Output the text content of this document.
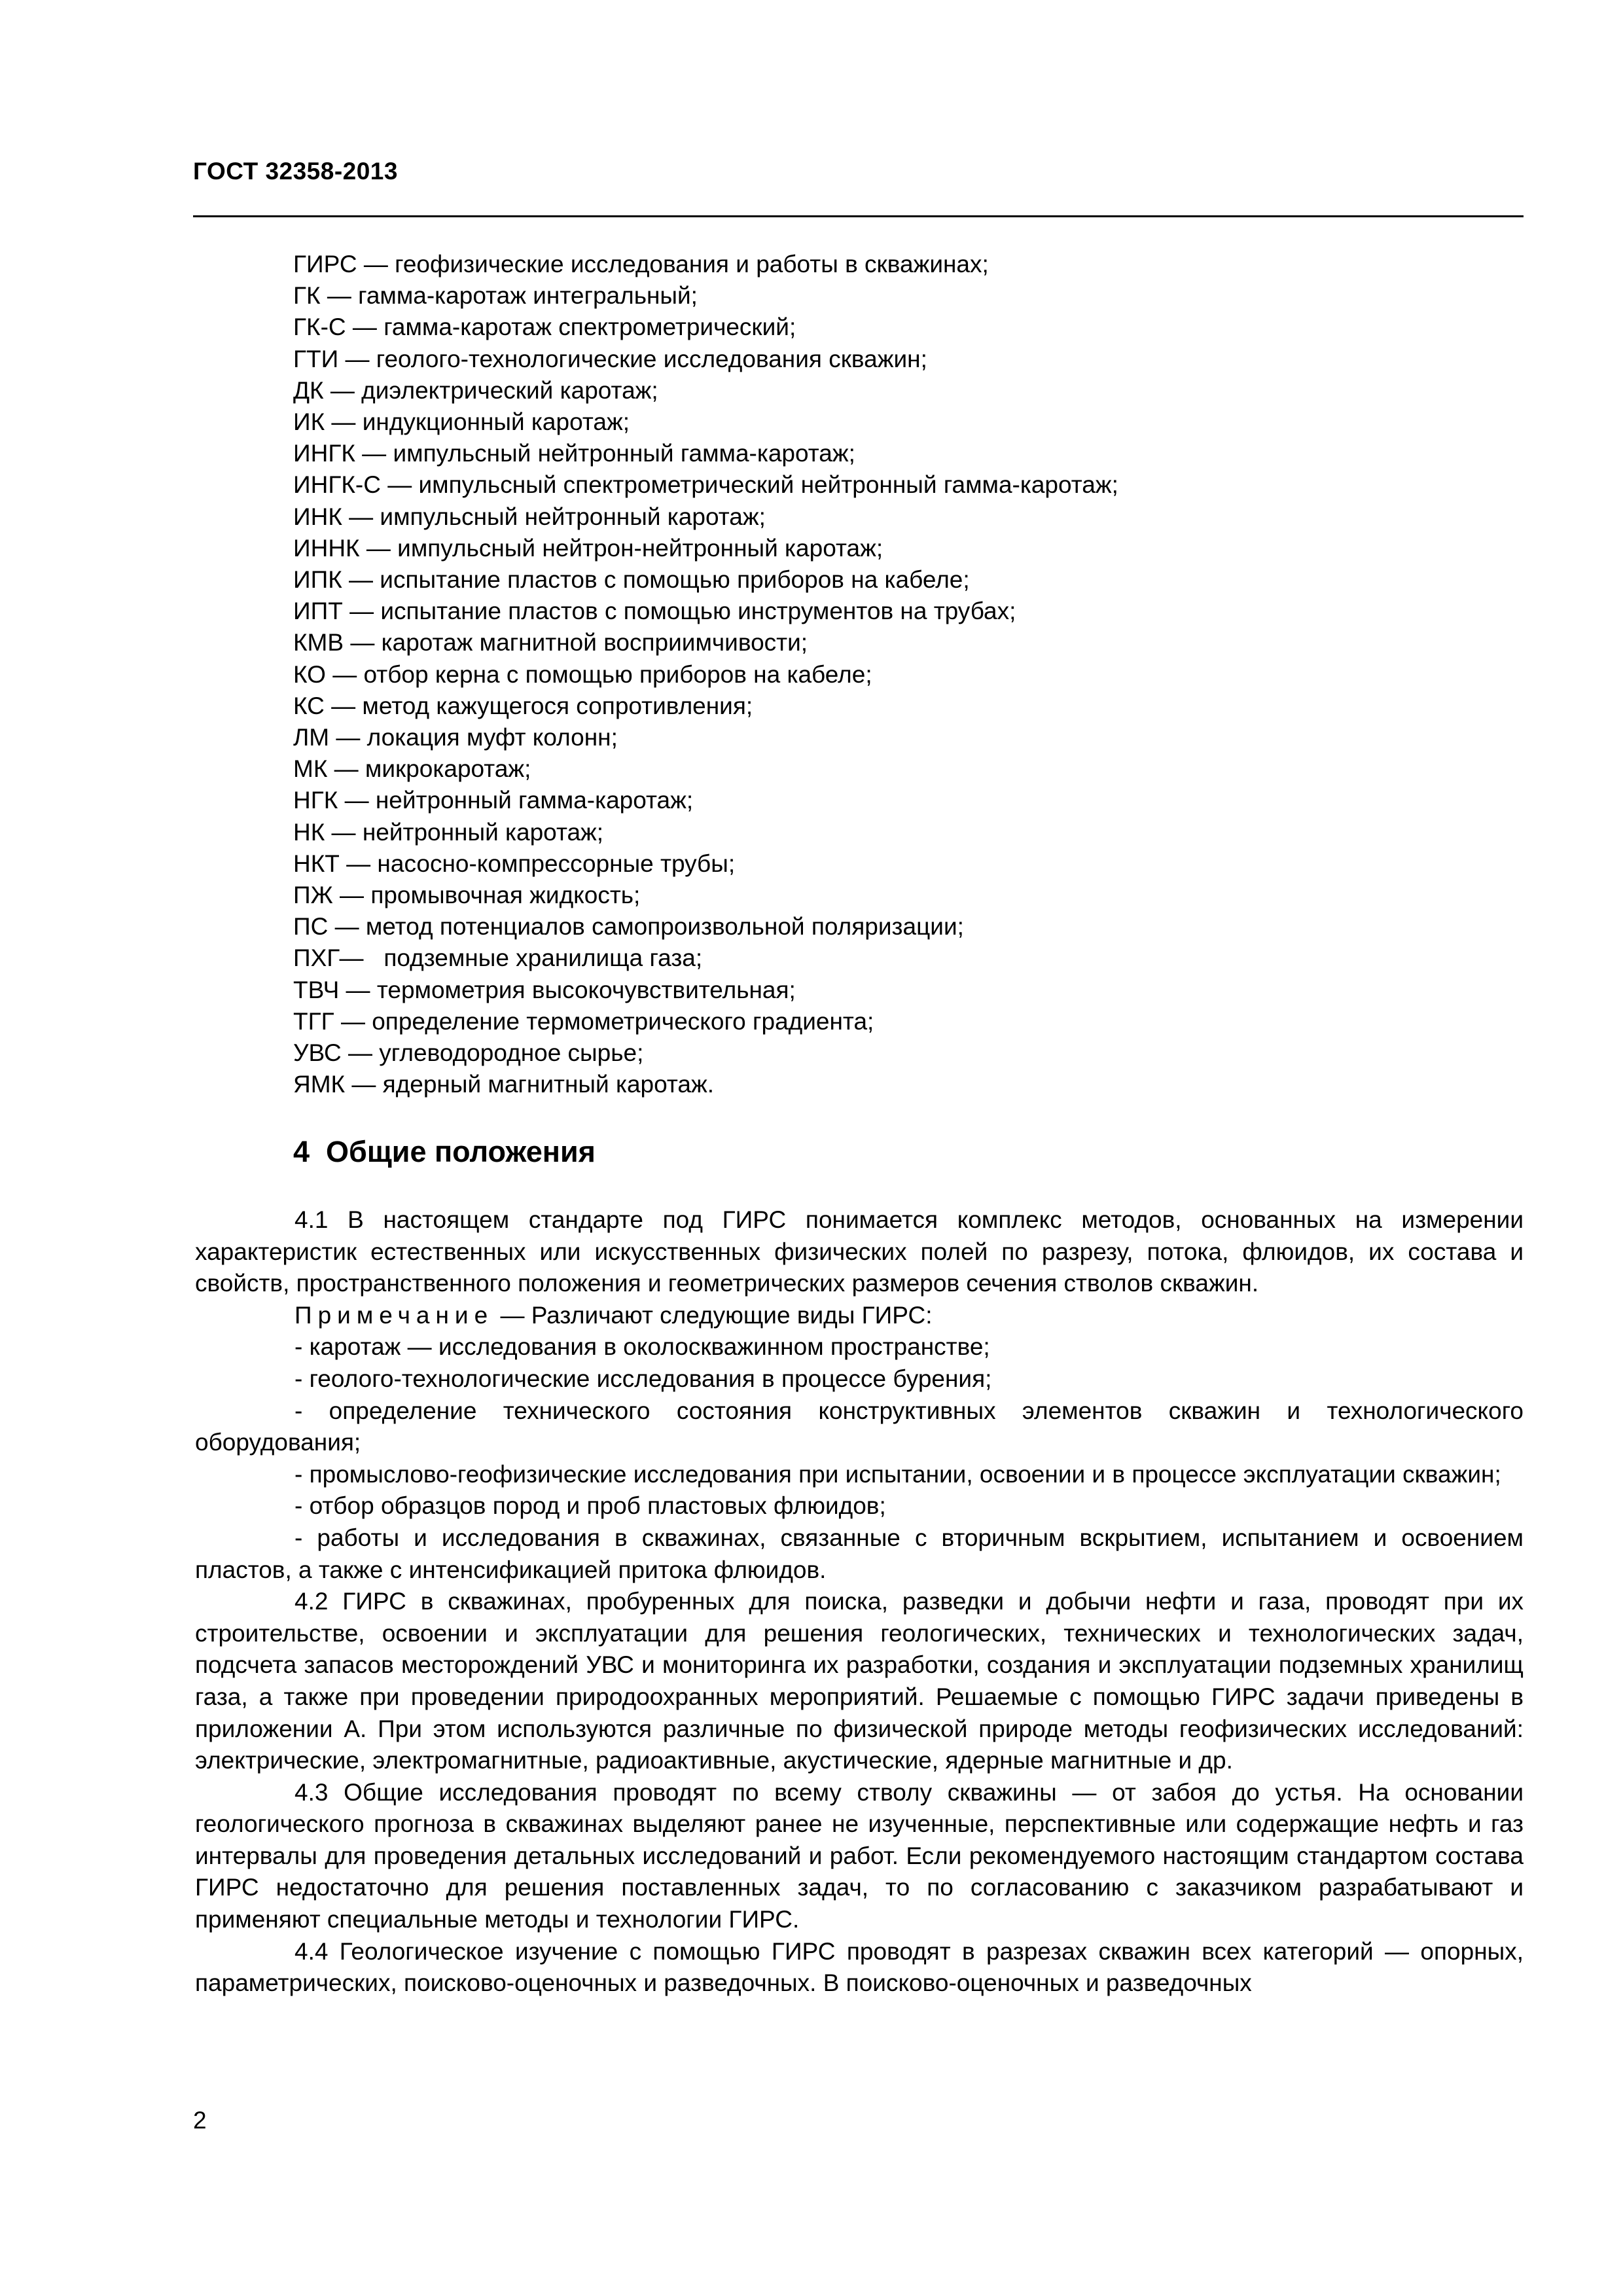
ГОСТ 32358-2013
ГИРС — геофизические исследования и работы в скважинах;
ГК — гамма-каротаж интегральный;
ГК-С — гамма-каротаж спектрометрический;
ГТИ — геолого-технологические исследования скважин;
ДК — диэлектрический каротаж;
ИК — индукционный каротаж;
ИНГК — импульсный нейтронный гамма-каротаж;
ИНГК-С — импульсный спектрометрический нейтронный гамма-каротаж;
ИНК — импульсный нейтронный каротаж;
ИННК — импульсный нейтрон-нейтронный каротаж;
ИПК — испытание пластов с помощью приборов на кабеле;
ИПТ — испытание пластов с помощью инструментов на трубах;
КМВ — каротаж магнитной восприимчивости;
КО — отбор керна с помощью приборов на кабеле;
КС — метод кажущегося сопротивления;
ЛМ — локация муфт колонн;
МК — микрокаротаж;
НГК — нейтронный гамма-каротаж;
НК — нейтронный каротаж;
НКТ — насосно-компрессорные трубы;
ПЖ — промывочная жидкость;
ПС — метод потенциалов самопроизвольной поляризации;
ПХГ—   подземные хранилища газа;
ТВЧ — термометрия высокочувствительная;
ТГГ — определение термометрического градиента;
УВС — углеводородное сырье;
ЯМК — ядерный магнитный каротаж.
4  Общие положения

4.1 В настоящем стандарте под ГИРС понимается комплекс методов, основанных на измерении характеристик естественных или искусственных физических полей по разрезу, потока, флюидов, их состава и свойств, пространственного положения и геометрических размеров сечения стволов скважин.

Примечание — Различают следующие виды ГИРС:

- каротаж — исследования в околоскважинном пространстве;

- геолого-технологические исследования в процессе бурения;

- определение технического состояния конструктивных элементов скважин и технологического оборудования;

- промыслово-геофизические исследования при испытании, освоении и в процессе эксплуатации скважин;

- отбор образцов пород и проб пластовых флюидов;

- работы и исследования в скважинах, связанные с вторичным вскрытием, испытанием и освоением пластов, а также с интенсификацией притока флюидов.

4.2 ГИРС в скважинах, пробуренных для поиска, разведки и добычи нефти и газа, проводят при их строительстве, освоении и эксплуатации для решения геологических, технических и технологических задач, подсчета запасов месторождений УВС и мониторинга их разработки, создания и эксплуатации подземных хранилищ газа, а также при проведении природоохранных мероприятий. Решаемые с помощью ГИРС задачи приведены в приложении А. При этом используются различные по физической природе методы геофизических исследований: электрические, электромагнитные, радиоактивные, акустические, ядерные магнитные и др.

4.3 Общие исследования проводят по всему стволу скважины — от забоя до устья. На основании геологического прогноза в скважинах выделяют ранее не изученные, перспективные или содержащие нефть и газ интервалы для проведения детальных исследований и работ. Если рекомендуемого настоящим стандартом состава ГИРС недостаточно для решения поставленных задач, то по согласованию с заказчиком разрабатывают и применяют специальные методы и технологии ГИРС.

4.4 Геологическое изучение с помощью ГИРС проводят в разрезах скважин всех категорий — опорных, параметрических, поисково-оценочных и разведочных. В поисково-оценочных и разведочных

2
